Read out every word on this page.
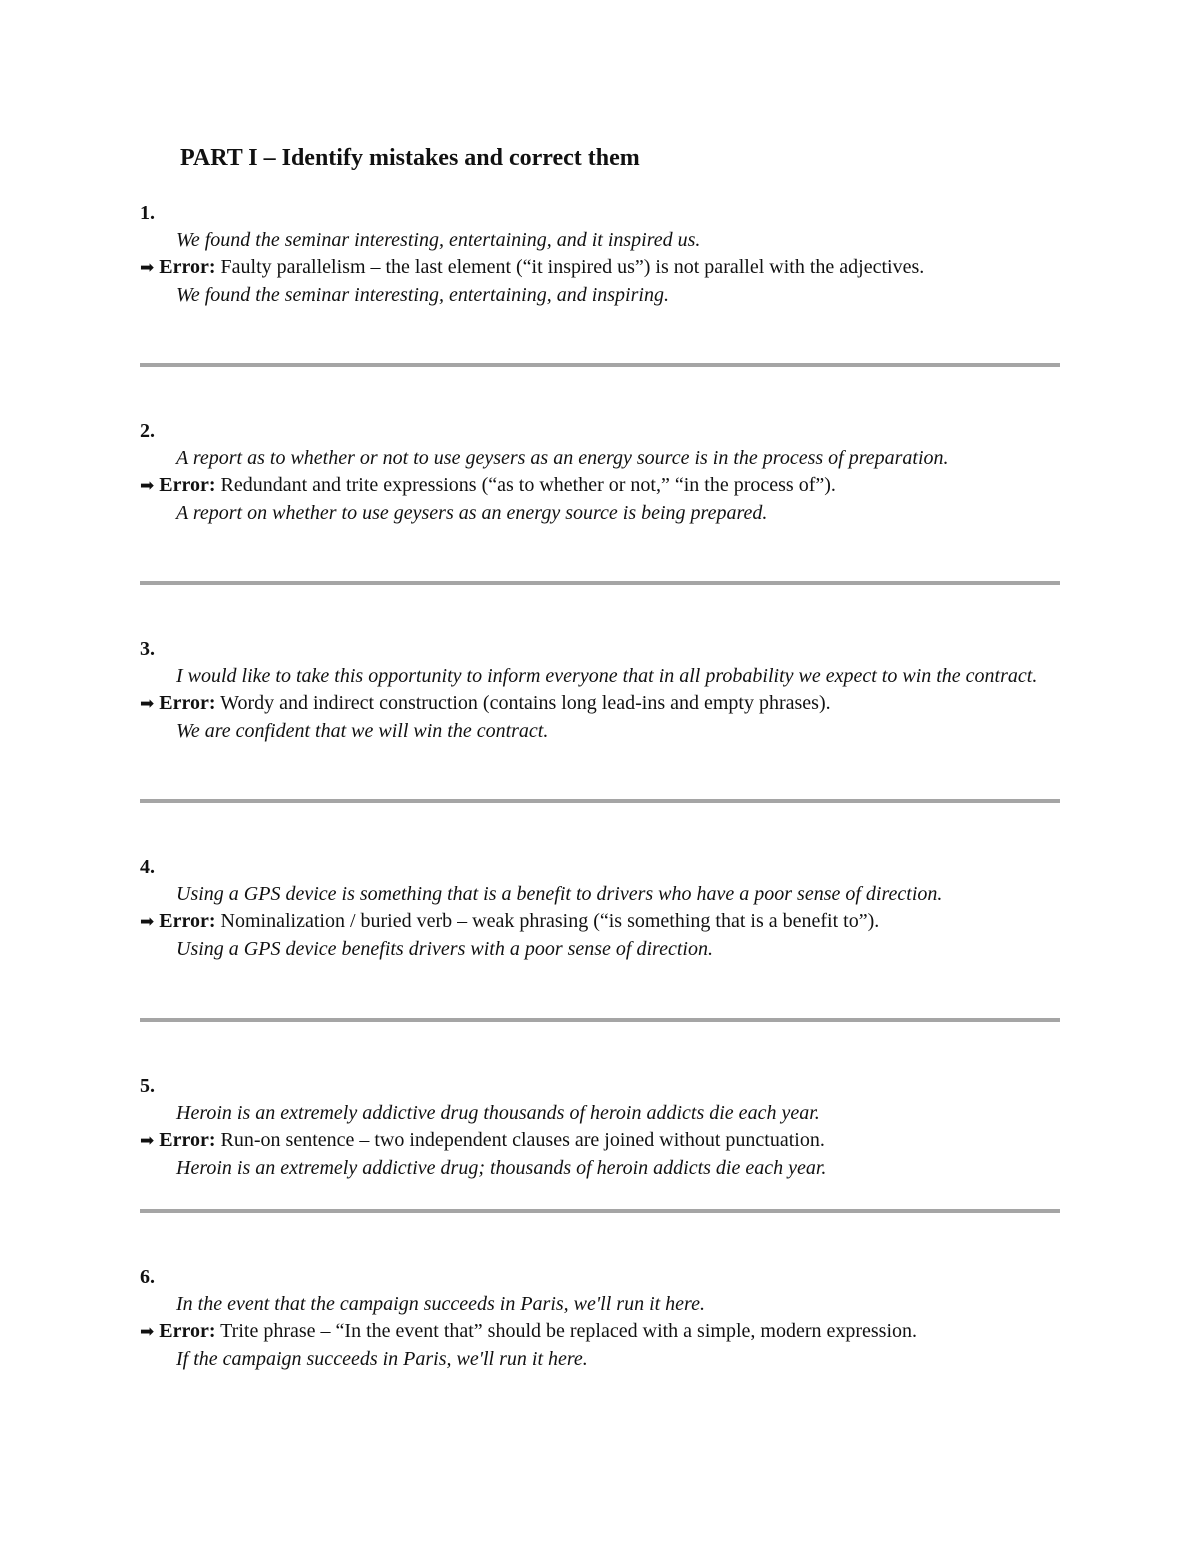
PART I – Identify mistakes and correct them
1.

We found the seminar interesting, entertaining, and it inspired us.

➡ Error: Faulty parallelism – the last element (“it inspired us”) is not parallel with the adjectives.

We found the seminar interesting, entertaining, and inspiring.

2.

A report as to whether or not to use geysers as an energy source is in the process of preparation.

➡ Error: Redundant and trite expressions (“as to whether or not,” “in the process of”).

A report on whether to use geysers as an energy source is being prepared.

3.

I would like to take this opportunity to inform everyone that in all probability we expect to win the contract.

➡ Error: Wordy and indirect construction (contains long lead-ins and empty phrases).

We are confident that we will win the contract.

4.

Using a GPS device is something that is a benefit to drivers who have a poor sense of direction.

➡ Error: Nominalization / buried verb – weak phrasing (“is something that is a benefit to”).

Using a GPS device benefits drivers with a poor sense of direction.

5.

Heroin is an extremely addictive drug thousands of heroin addicts die each year.

➡ Error: Run-on sentence – two independent clauses are joined without punctuation.

Heroin is an extremely addictive drug; thousands of heroin addicts die each year.

6.

In the event that the campaign succeeds in Paris, we'll run it here.

➡ Error: Trite phrase – “In the event that” should be replaced with a simple, modern expression.

If the campaign succeeds in Paris, we'll run it here.
